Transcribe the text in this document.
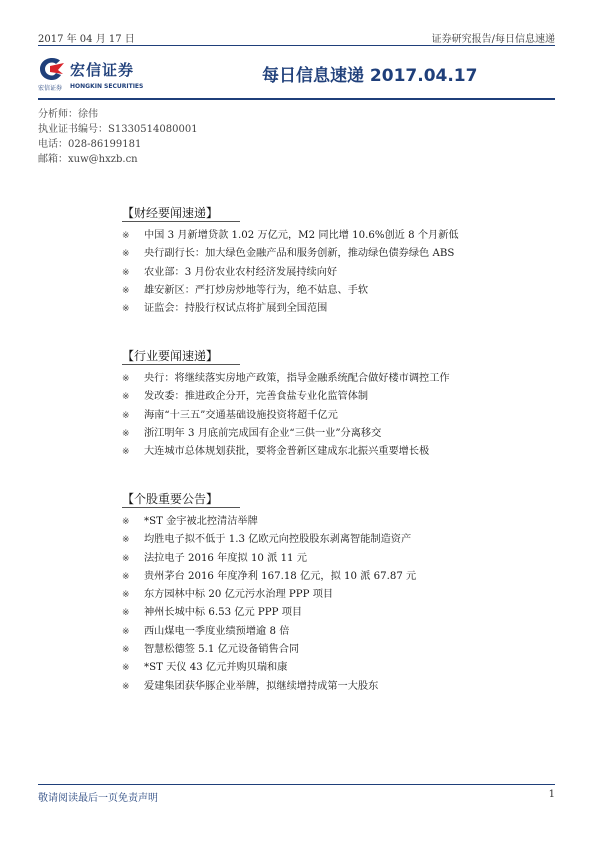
2017 年 04 月 17 日	证券研究报告/每日信息速递
宏信证券
宏信证券 HONGKIN SECURITIES
每日信息速递 2017.04.17
分析师：徐伟
执业证书编号：S1330514080001
电话：028-86199181
邮箱：xuw@hxzb.cn
【财经要闻速递】
※ 中国 3 月新增贷款 1.02 万亿元，M2 同比增 10.6%创近 8 个月新低
※ 央行副行长：加大绿色金融产品和服务创新，推动绿色债券绿色 ABS
※ 农业部：3 月份农业农村经济发展持续向好
※ 雄安新区：严打炒房炒地等行为，绝不姑息、手软
※ 证监会：持股行权试点将扩展到全国范围
【行业要闻速递】
※ 央行：将继续落实房地产政策，指导金融系统配合做好楼市调控工作
※ 发改委：推进政企分开，完善食盐专业化监管体制
※ 海南“十三五”交通基础设施投资将超千亿元
※ 浙江明年 3 月底前完成国有企业“三供一业”分离移交
※ 大连城市总体规划获批，要将金普新区建成东北振兴重要增长极
【个股重要公告】
※ *ST 金宇被北控清洁举牌
※ 均胜电子拟不低于 1.3 亿欧元向控股股东剥离智能制造资产
※ 法拉电子 2016 年度拟 10 派 11 元
※ 贵州茅台 2016 年度净利 167.18 亿元，拟 10 派 67.87 元
※ 东方园林中标 20 亿元污水治理 PPP 项目
※ 神州长城中标 6.53 亿元 PPP 项目
※ 西山煤电一季度业绩预增逾 8 倍
※ 智慧松德签 5.1 亿元设备销售合同
※ *ST 天仪 43 亿元并购贝瑞和康
※ 爱建集团获华豚企业举牌，拟继续增持成第一大股东
敬请阅读最后一页免责声明	1
